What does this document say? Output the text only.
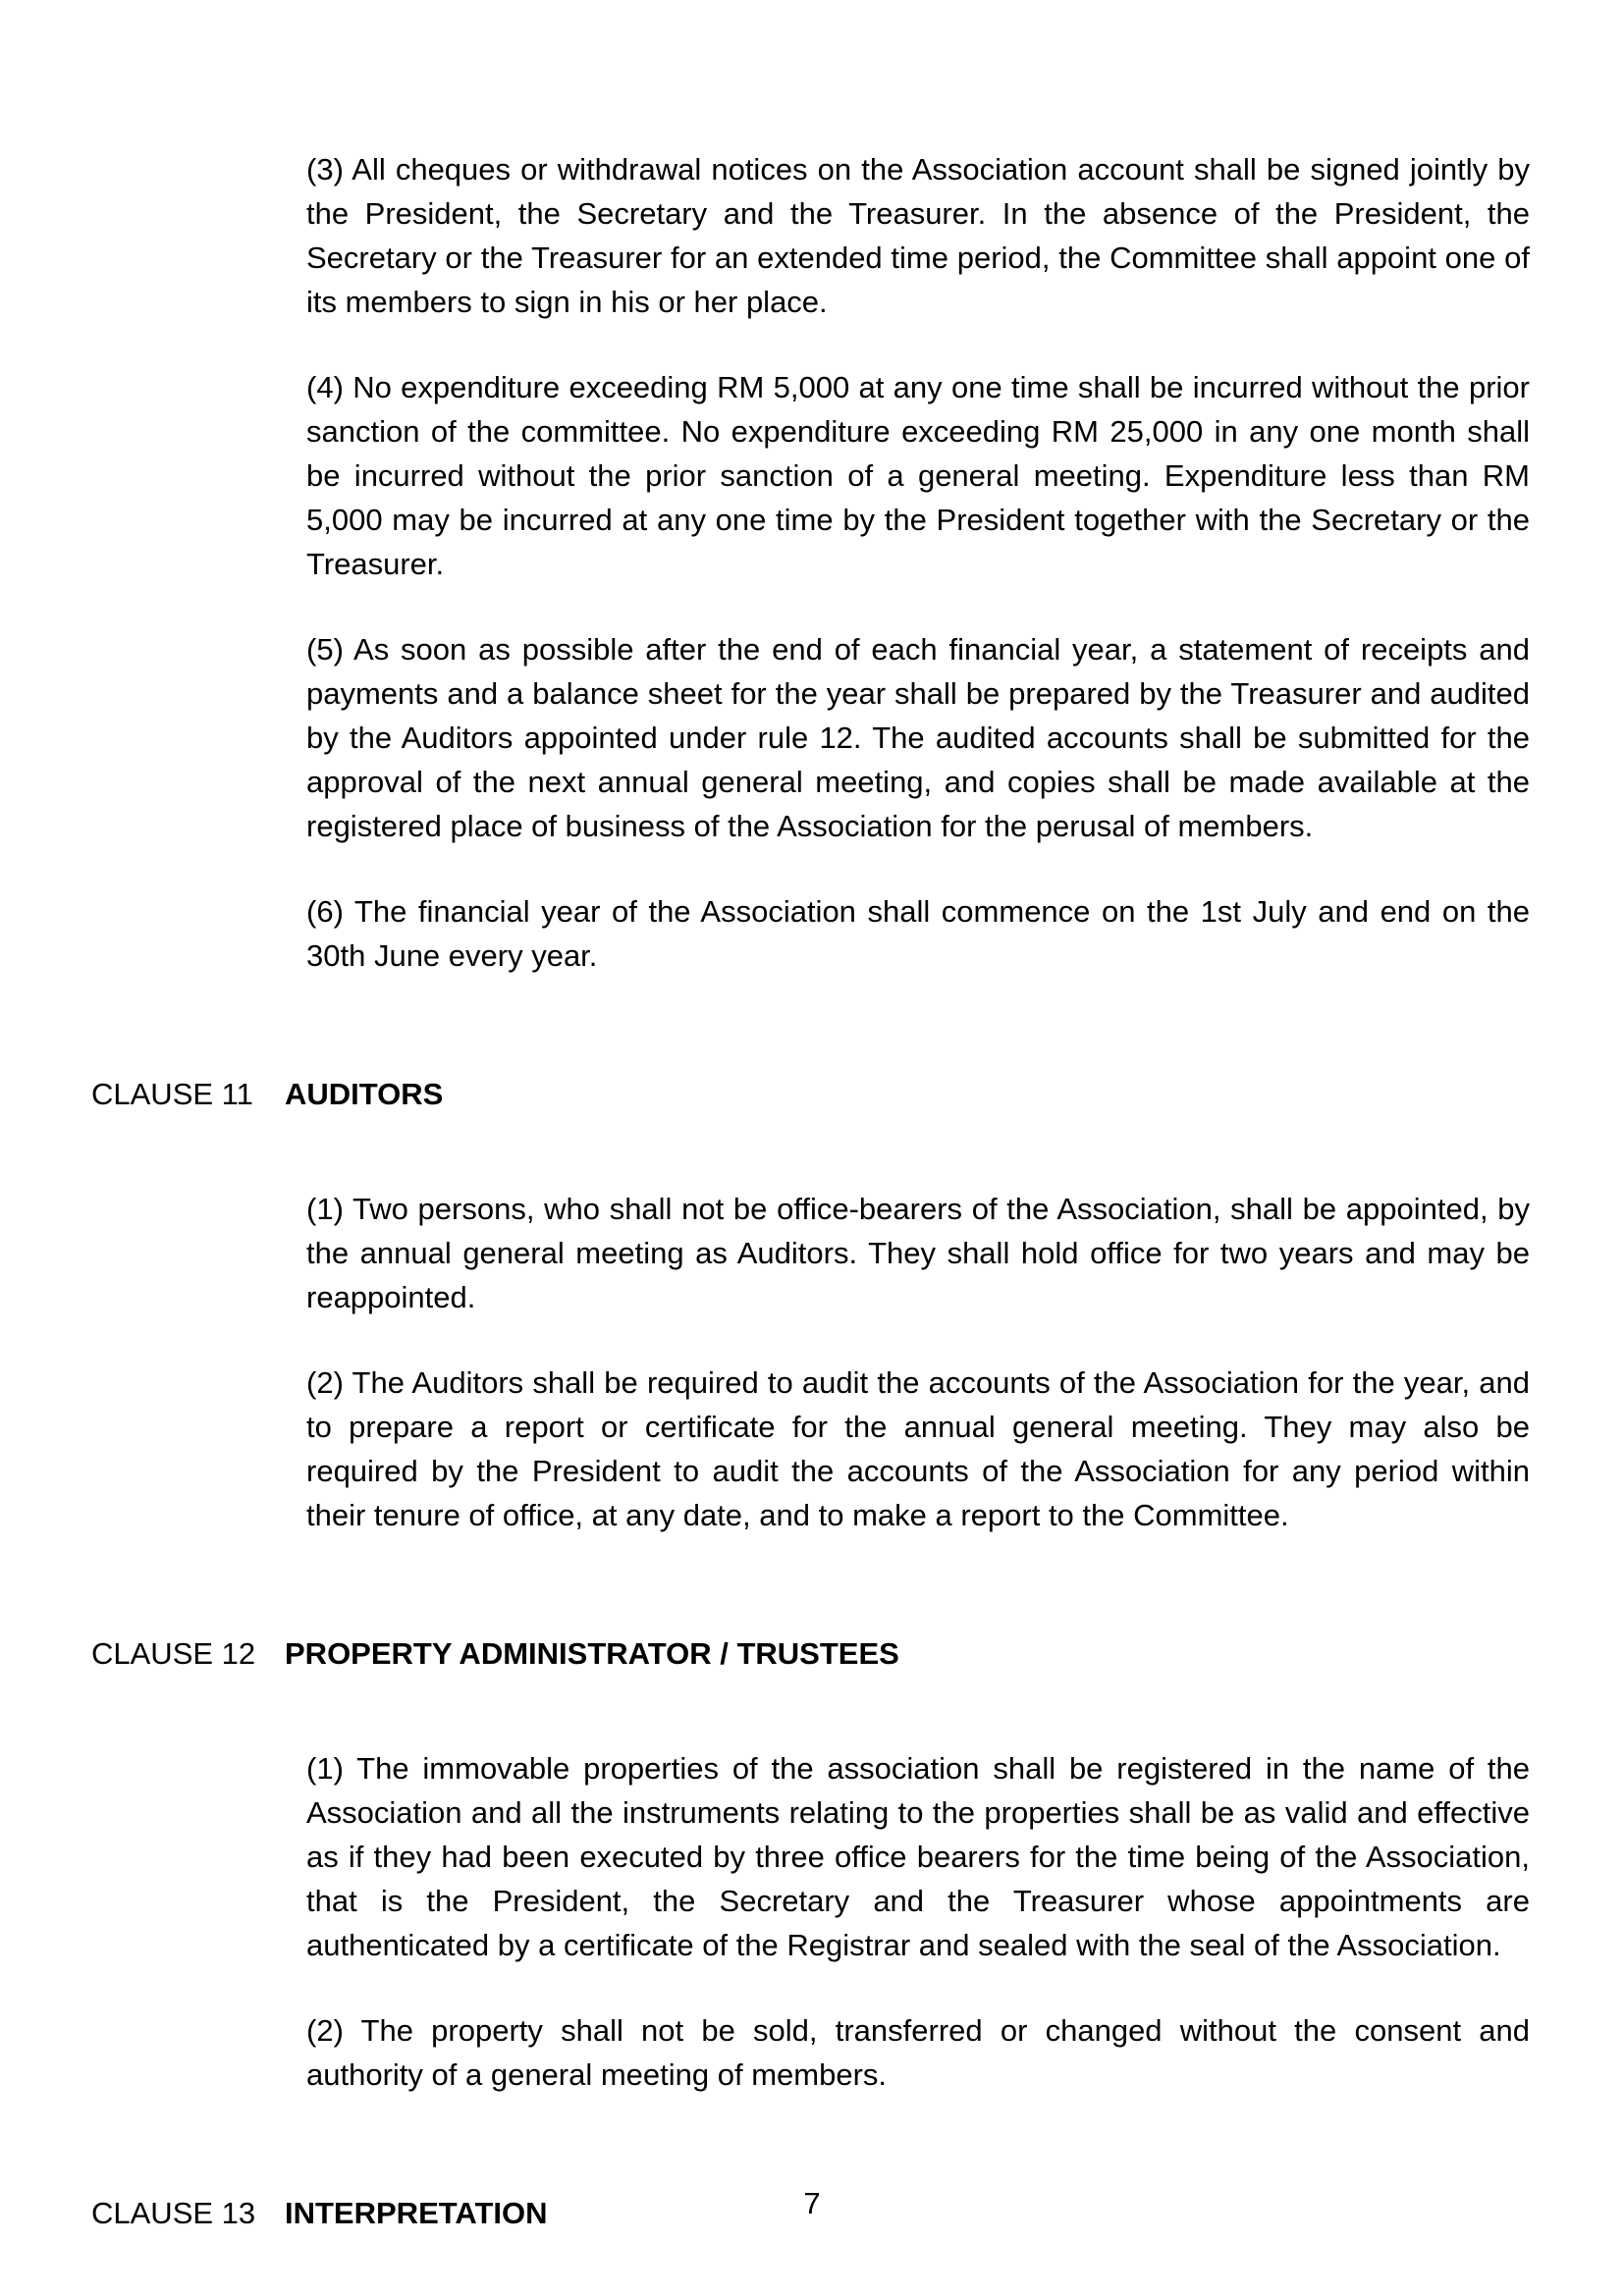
(3) All cheques or withdrawal notices on the Association account shall be signed jointly by the President, the Secretary and the Treasurer. In the absence of the President, the Secretary or the Treasurer for an extended time period, the Committee shall appoint one of its members to sign in his or her place.

(4) No expenditure exceeding RM 5,000 at any one time shall be incurred without the prior sanction of the committee. No expenditure exceeding RM 25,000 in any one month shall be incurred without the prior sanction of a general meeting. Expenditure less than RM 5,000 may be incurred at any one time by the President together with the Secretary or the Treasurer.

(5) As soon as possible after the end of each financial year, a statement of receipts and payments and a balance sheet for the year shall be prepared by the Treasurer and audited by the Auditors appointed under rule 12. The audited accounts shall be submitted for the approval of the next annual general meeting, and copies shall be made available at the registered place of business of the Association for the perusal of members.

(6) The financial year of the Association shall commence on the 1st July and end on the 30th June every year.

CLAUSE 11	AUDITORS

(1) Two persons, who shall not be office-bearers of the Association, shall be appointed, by the annual general meeting as Auditors. They shall hold office for two years and may be reappointed.

(2) The Auditors shall be required to audit the accounts of the Association for the year, and to prepare a report or certificate for the annual general meeting. They may also be required by the President to audit the accounts of the Association for any period within their tenure of office, at any date, and to make a report to the Committee.

CLAUSE 12 PROPERTY ADMINISTRATOR / TRUSTEES

(1) The immovable properties of the association shall be registered in the name of the Association and all the instruments relating to the properties shall be as valid and effective as if they had been executed by three office bearers for the time being of the Association, that is the President, the Secretary and the Treasurer whose appointments are authenticated by a certificate of the Registrar and sealed with the seal of the Association.

(2) The property shall not be sold, transferred or changed without the consent and authority of a general meeting of members.

CLAUSE 13 INTERPRETATION	7
